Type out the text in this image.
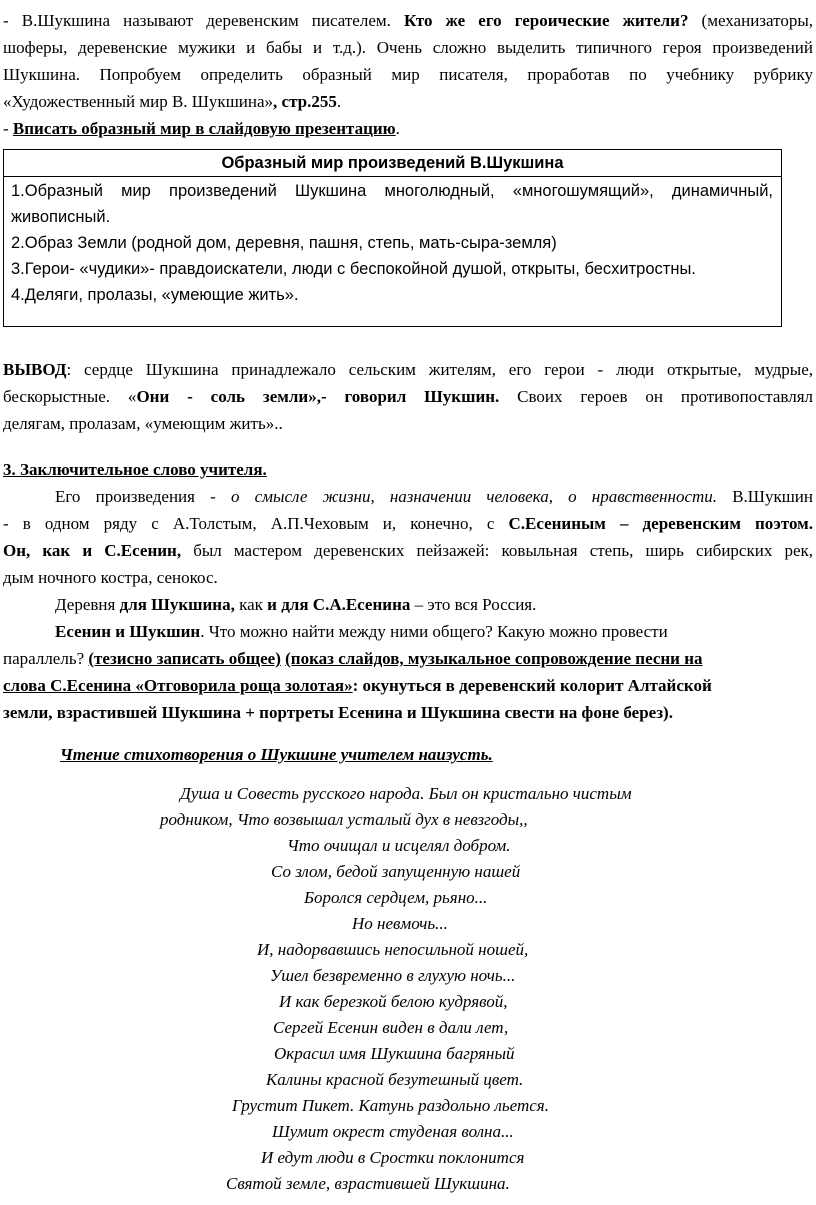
- В.Шукшина называют деревенским писателем. Кто же его героические жители? (механизаторы,
шоферы, деревенские мужики и бабы и т.д.). Очень сложно выделить типичного героя произведений
Шукшина. Попробуем определить образный мир писателя, проработав по учебнику рубрику
«Художественный мир В. Шукшина», стр.255.
- Вписать образный мир в слайдовую презентацию.
Образный мир произведений В.Шукшина
1.Образный мир произведений Шукшина многолюдный, «многошумящий», динамичный,
живописный.
2.Образ Земли (родной дом, деревня, пашня, степь, мать-сыра-земля)
3.Герои- «чудики»- правдоискатели, люди с беспокойной душой, открыты, бесхитростны.
4.Деляги, пролазы, «умеющие жить».
ВЫВОД: сердце Шукшина принадлежало сельским жителям, его герои - люди открытые, мудрые,
бескорыстные. «Они - соль земли»,- говорил Шукшин. Своих героев он противопоставлял
делягам, пролазам, «умеющим жить»..
3. Заключительное слово учителя.
Его произведения - о смысле жизни, назначении человека, о нравственности. В.Шукшин
- в одном ряду с А.Толстым, А.П.Чеховым и, конечно, с С.Есениным – деревенским поэтом.
Он, как и С.Есенин, был мастером деревенских пейзажей: ковыльная степь, ширь сибирских рек,
дым ночного костра, сенокос.
Деревня для Шукшина, как и для С.А.Есенина – это вся Россия.
Есенин и Шукшин. Что можно найти между ними общего? Какую можно провести
параллель? (тезисно записать общее) (показ слайдов, музыкальное сопровождение песни на
слова С.Есенина «Отговорила роща золотая»: окунуться в деревенский колорит Алтайской
земли, взрастившей Шукшина + портреты Есенина и Шукшина свести на фоне берез).
Чтение стихотворения о Шукшине учителем наизусть.
Душа и Совесть русского народа. Был он кристально чистым
родником, Что возвышал усталый дух в невзгоды,,
Что очищал и исцелял добром.
Со злом, бедой запущенную нашей
Боролся сердцем, рьяно...
Но невмочь...
И, надорвавшись непосильной ношей,
Ушел безвременно в глухую ночь...
И как березкой белою кудрявой,
Сергей Есенин виден в дали лет,
Окрасил имя Шукшина багряный
Калины красной безутешный цвет.
Грустит Пикет. Катунь раздольно льется.
Шумит окрест студеная волна...
И едут люди в Сростки поклонится
Святой земле, взрастившей Шукшина.
